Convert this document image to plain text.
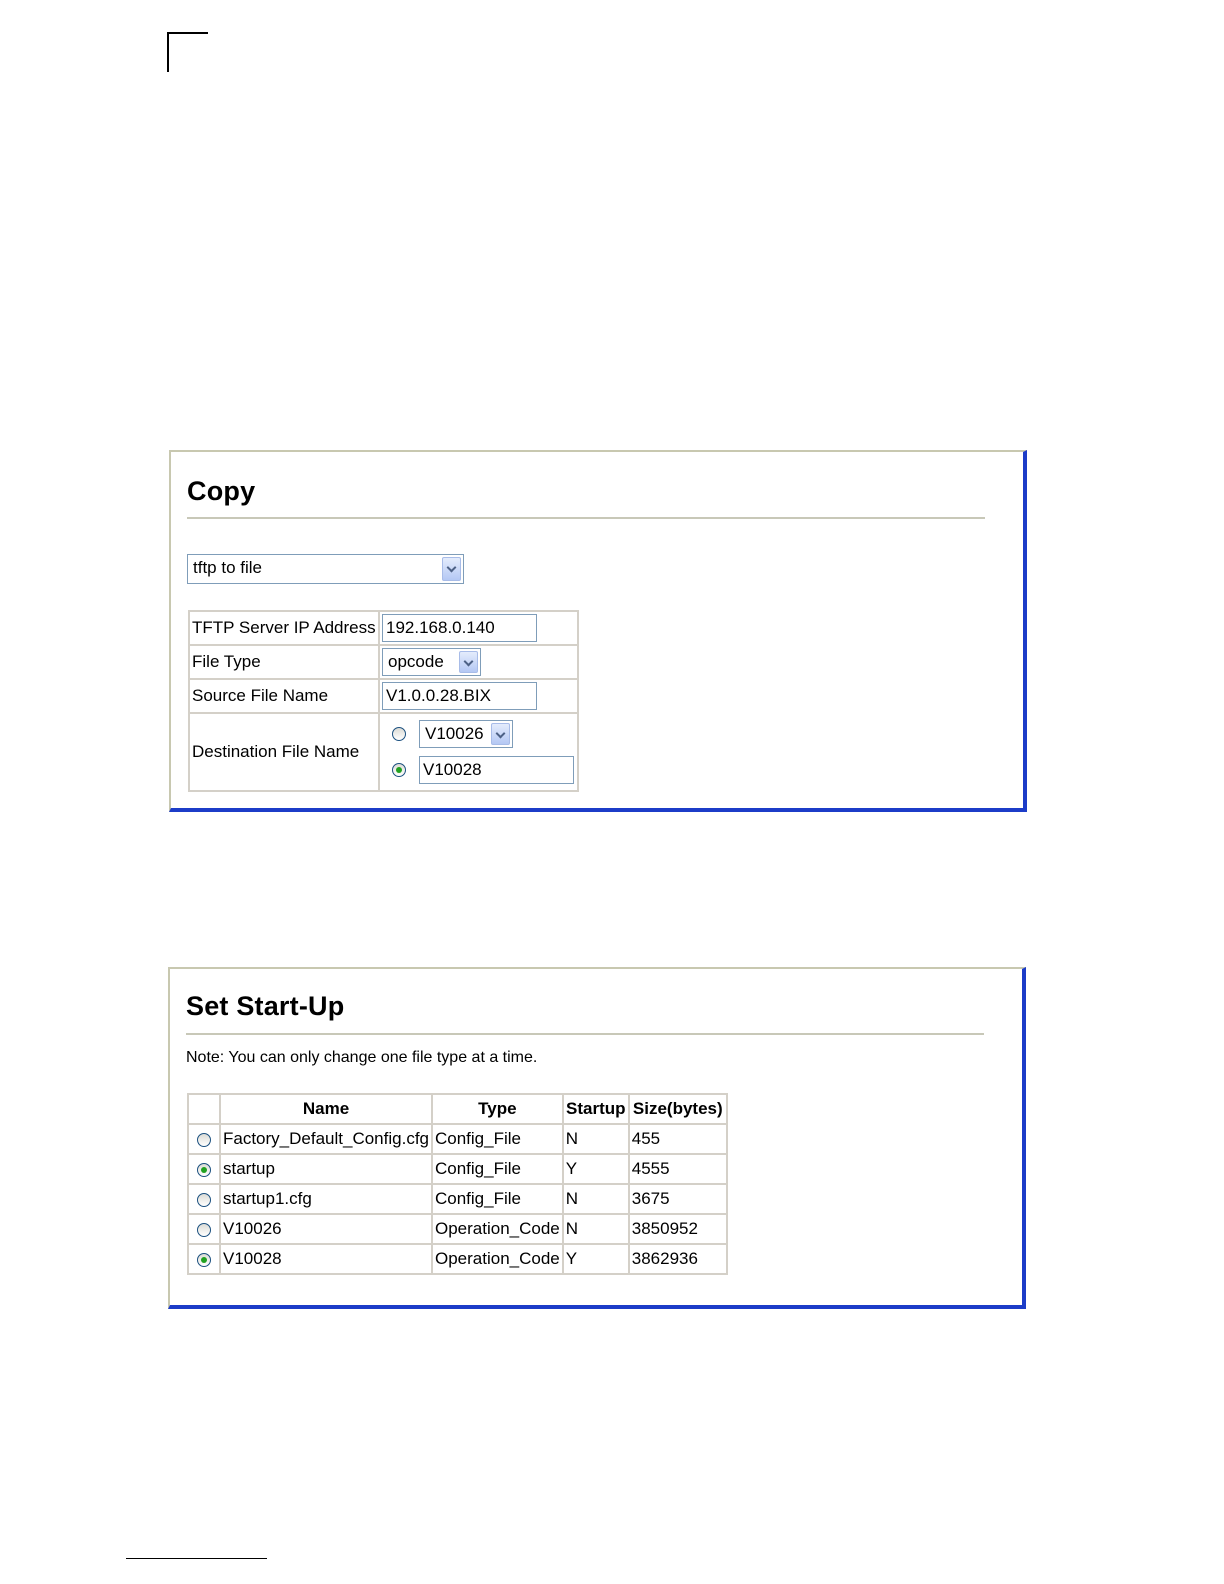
Copy
tftp to file
TFTP Server IP Address	192.168.0.140
File Type	opcode

Source File Name	V1.0.0.28.BIX
Destination File Name	V10026
V10028
Set Start-Up
Note: You can only change one file type at a time.
	Name	Type	Startup	Size(bytes)
	Factory_Default_Config.cfg	Config_File	N	455
	startup	Config_File	Y	4555
	startup1.cfg	Config_File	N	3675
	V10026	Operation_Code	N	3850952
	V10028	Operation_Code	Y	3862936
